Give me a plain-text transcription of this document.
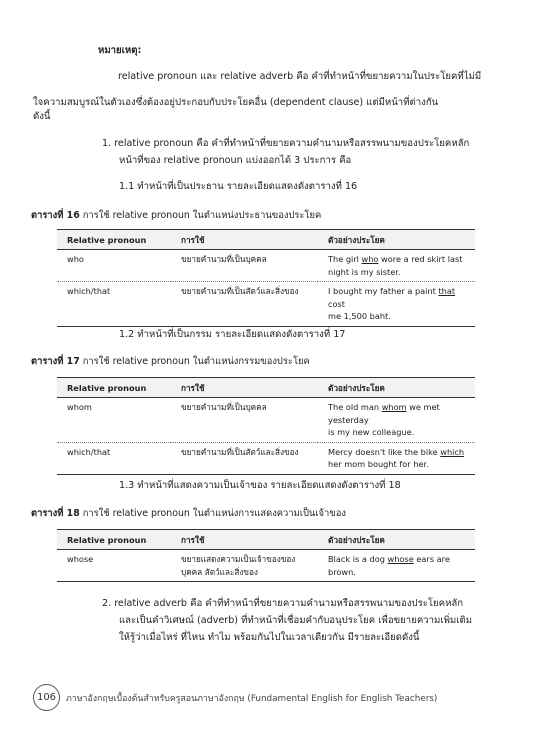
หมายเหตุ:
relative pronoun และ relative adverb คือ คำที่ทำหน้าที่ขยายความในประโยคที่ไม่มี
ใจความสมบูรณ์ในตัวเองซึ่งต้องอยู่ประกอบกับประโยคอื่น (dependent clause) แต่มีหน้าที่ต่างกัน
ดังนี้
1. relative pronoun คือ คำที่ทำหน้าที่ขยายความคำนามหรือสรรพนามของประโยคหลัก
หน้าที่ของ relative pronoun แบ่งออกได้ 3 ประการ คือ
1.1 ทำหน้าที่เป็นประธาน รายละเอียดแสดงดังตารางที่ 16
ตารางที่ 16 การใช้ relative pronoun ในตำแหน่งประธานของประโยค
Relative pronoun	การใช้	ตัวอย่างประโยค
who	ขยายคำนามที่เป็นบุคคล	The girl who wore a red skirt last
night is my sister.
which/that	ขยายคำนามที่เป็นสัตว์และสิ่งของ	I bought my father a paint that cost
me 1,500 baht.
1.2 ทำหน้าที่เป็นกรรม รายละเอียดแสดงดังตารางที่ 17
ตารางที่ 17 การใช้ relative pronoun ในตำแหน่งกรรมของประโยค
Relative pronoun	การใช้	ตัวอย่างประโยค
whom	ขยายคำนามที่เป็นบุคคล	The old man whom we met yesterday
is my new colleague.
which/that	ขยายคำนามที่เป็นสัตว์และสิ่งของ	Mercy doesn't like the bike which
her mom bought for her.
1.3 ทำหน้าที่แสดงความเป็นเจ้าของ รายละเอียดแสดงดังตารางที่ 18
ตารางที่ 18 การใช้ relative pronoun ในตำแหน่งการแสดงความเป็นเจ้าของ
Relative pronoun	การใช้	ตัวอย่างประโยค
whose	ขยายแสดงความเป็นเจ้าของของ
บุคคล สัตว์และสิ่งของ	Black is a dog whose ears are
brown.
2. relative adverb คือ คำที่ทำหน้าที่ขยายความคำนามหรือสรรพนามของประโยคหลัก
และเป็นคำวิเศษณ์ (adverb) ที่ทำหน้าที่เชื่อมคำกับอนุประโยค เพื่อขยายความเพิ่มเติม
ให้รู้ว่าเมื่อไหร่ ที่ไหน ทำไม พร้อมกันไปในเวลาเดียวกัน มีรายละเอียดดังนี้
106 ภาษาอังกฤษเบื้องต้นสำหรับครูสอนภาษาอังกฤษ (Fundamental English for English Teachers)
